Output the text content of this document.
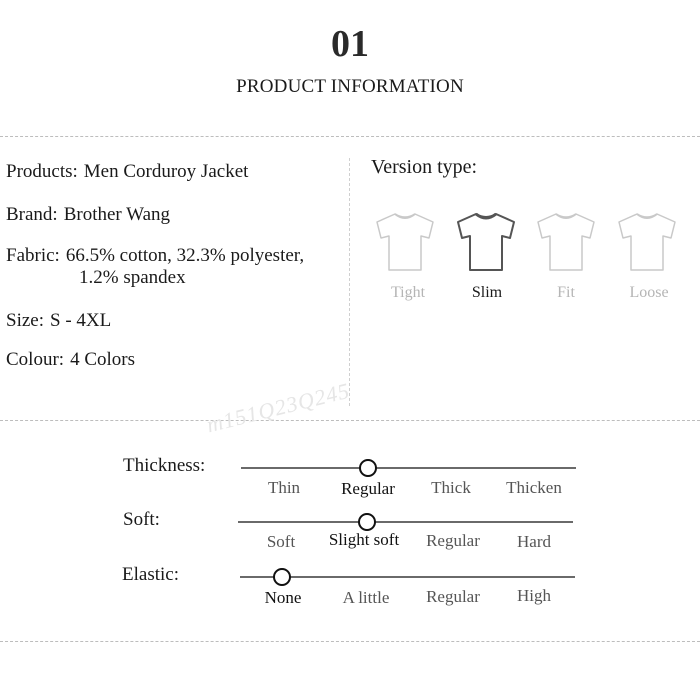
01
PRODUCT INFORMATION
Products: Men Corduroy Jacket
Brand: Brother Wang
Fabric: 66.5% cotton, 32.3% polyester,
1.2% spandex
Size: S - 4XL
Colour: 4 Colors
Version type:
Tight	Slim	Fit	Loose
m151Q23Q245
Thickness:
Thin	Regular	Thick	Thicken
Soft:
Soft	Slight soft	Regular	Hard
Elastic:
None	A little	Regular	High
